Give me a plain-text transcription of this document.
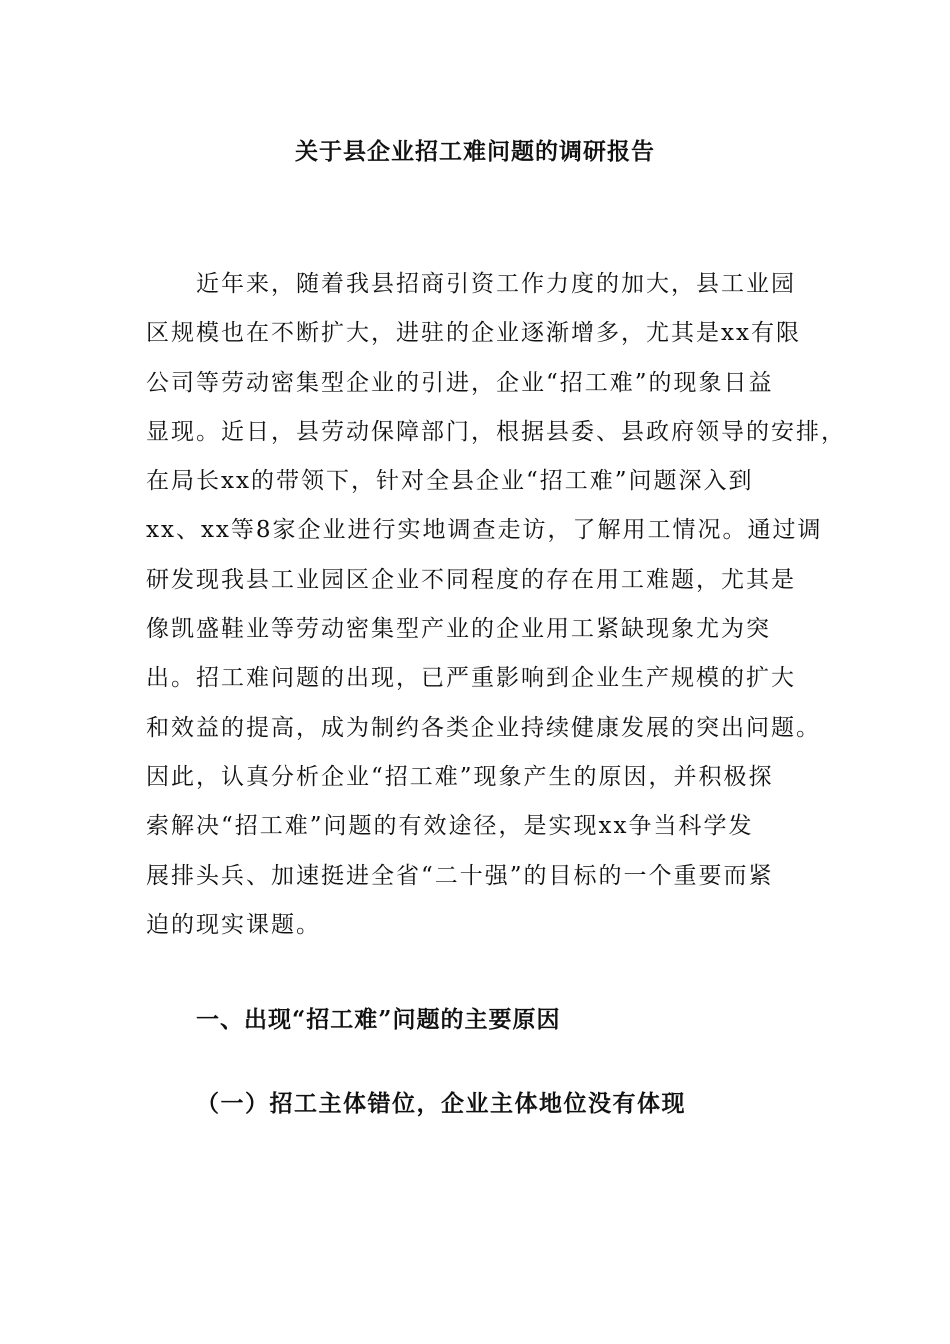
关于县企业招工难问题的调研报告
近年来，随着我县招商引资工作力度的加大，县工业园
区规模也在不断扩大，进驻的企业逐渐增多，尤其是xx有限
公司等劳动密集型企业的引进，企业“招工难”的现象日益
显现。近日，县劳动保障部门，根据县委、县政府领导的安排，
在局长xx的带领下，针对全县企业“招工难”问题深入到
xx、xx等8家企业进行实地调查走访，了解用工情况。通过调
研发现我县工业园区企业不同程度的存在用工难题，尤其是
像凯盛鞋业等劳动密集型产业的企业用工紧缺现象尤为突
出。招工难问题的出现，已严重影响到企业生产规模的扩大
和效益的提高，成为制约各类企业持续健康发展的突出问题。
因此，认真分析企业“招工难”现象产生的原因，并积极探
索解决“招工难”问题的有效途径，是实现xx争当科学发
展排头兵、加速挺进全省“二十强”的目标的一个重要而紧
迫的现实课题。
一、出现“招工难”问题的主要原因
（一）招工主体错位，企业主体地位没有体现
